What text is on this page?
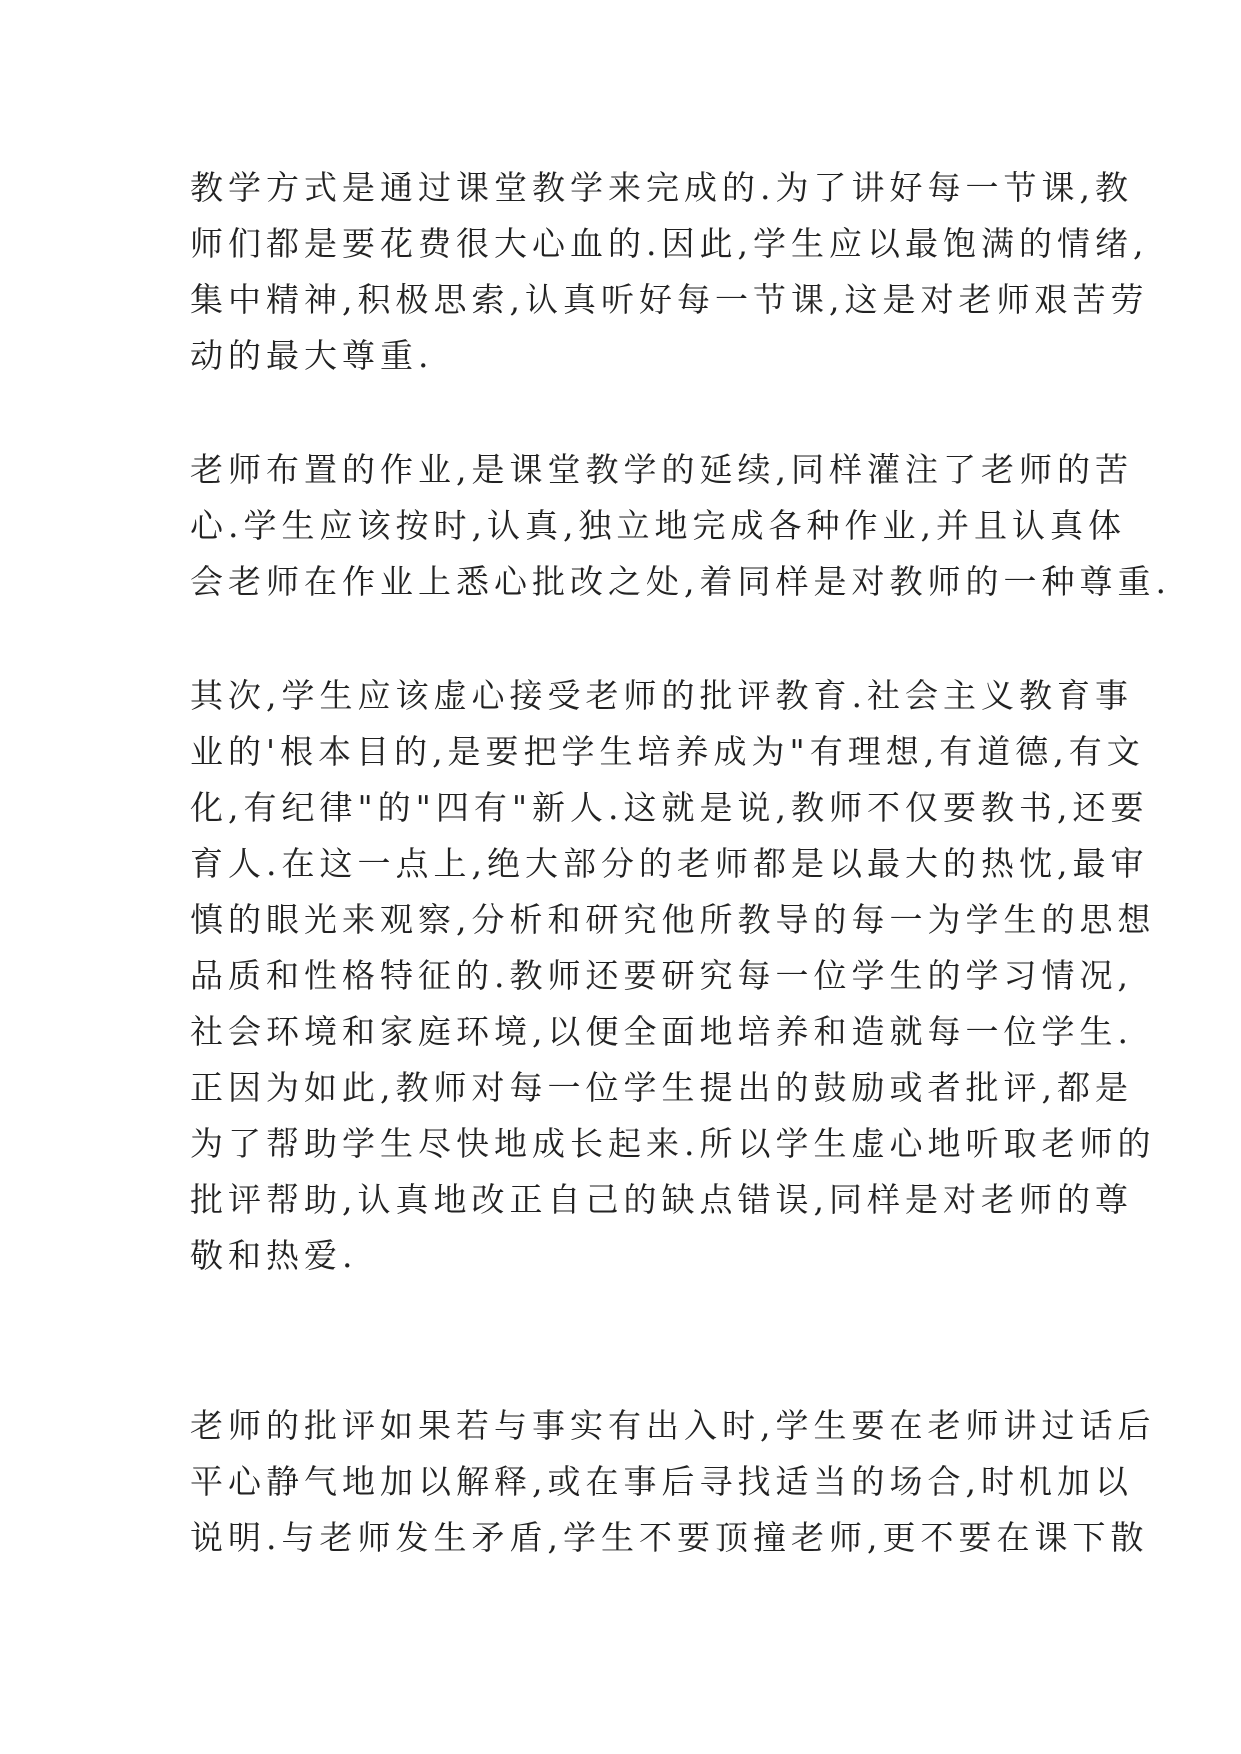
教学方式是通过课堂教学来完成的.为了讲好每一节课,教
师们都是要花费很大心血的.因此,学生应以最饱满的情绪,
集中精神,积极思索,认真听好每一节课,这是对老师艰苦劳
动的最大尊重.
老师布置的作业,是课堂教学的延续,同样灌注了老师的苦
心.学生应该按时,认真,独立地完成各种作业,并且认真体
会老师在作业上悉心批改之处,着同样是对教师的一种尊重.
其次,学生应该虚心接受老师的批评教育.社会主义教育事
业的'根本目的,是要把学生培养成为"有理想,有道德,有文
化,有纪律"的"四有"新人.这就是说,教师不仅要教书,还要
育人.在这一点上,绝大部分的老师都是以最大的热忱,最审
慎的眼光来观察,分析和研究他所教导的每一为学生的思想
品质和性格特征的.教师还要研究每一位学生的学习情况,
社会环境和家庭环境,以便全面地培养和造就每一位学生.
正因为如此,教师对每一位学生提出的鼓励或者批评,都是
为了帮助学生尽快地成长起来.所以学生虚心地听取老师的
批评帮助,认真地改正自己的缺点错误,同样是对老师的尊
敬和热爱.
老师的批评如果若与事实有出入时,学生要在老师讲过话后
平心静气地加以解释,或在事后寻找适当的场合,时机加以
说明.与老师发生矛盾,学生不要顶撞老师,更不要在课下散
